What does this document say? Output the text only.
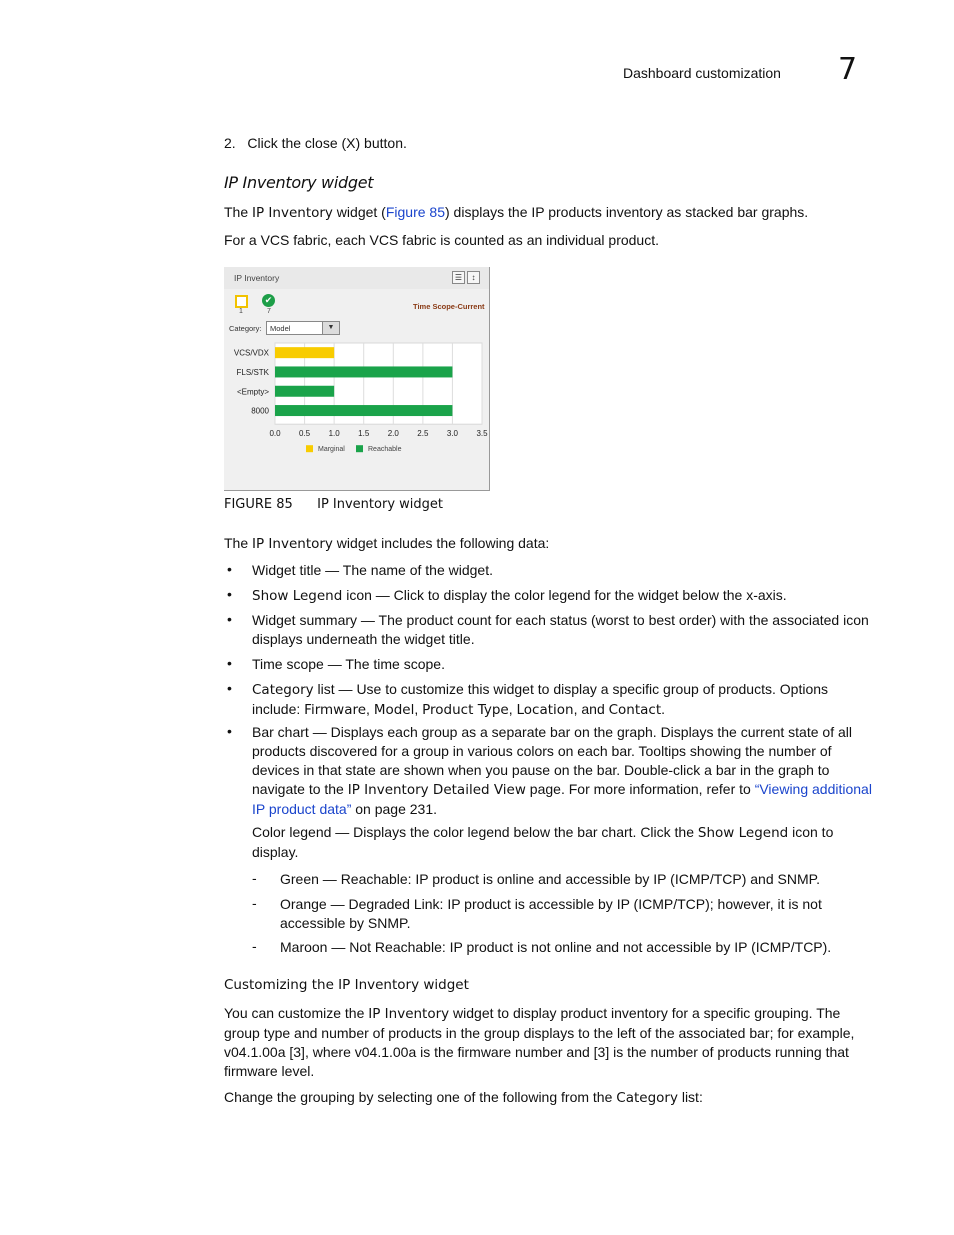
Dashboard customization 7
2. Click the close (X) button.
IP Inventory widget
The IP Inventory widget (Figure 85) displays the IP products inventory as stacked bar graphs.
For a VCS fabric, each VCS fabric is counted as an individual product.
IP Inventory	☰	↕
✔
1	7
Time Scope-Current
Category: Model	▼
0.0 0.5 1.0 1.5 2.0 2.5 3.0 3.5
VCS/VDX
FLS/STK
<Empty>
8000
Marginal	Reachable
FIGURE 85 IP Inventory widget
The IP Inventory widget includes the following data:
• Widget title — The name of the widget.
• Show Legend icon — Click to display the color legend for the widget below the x-axis.
• Widget summary — The product count for each status (worst to best order) with the associated icon displays underneath the widget title.
• Time scope — The time scope.
• Category list — Use to customize this widget to display a specific group of products. Options include: Firmware, Model, Product Type, Location, and Contact.
• Bar chart — Displays each group as a separate bar on the graph. Displays the current state of all products discovered for a group in various colors on each bar. Tooltips showing the number of devices in that state are shown when you pause on the bar. Double-click a bar in the graph to navigate to the IP Inventory Detailed View page. For more information, refer to “Viewing additional IP product data” on page 231.
Color legend — Displays the color legend below the bar chart. Click the Show Legend icon to display.
- Green — Reachable: IP product is online and accessible by IP (ICMP/TCP) and SNMP.
- Orange — Degraded Link: IP product is accessible by IP (ICMP/TCP); however, it is not accessible by SNMP.
- Maroon — Not Reachable: IP product is not online and not accessible by IP (ICMP/TCP).
Customizing the IP Inventory widget
You can customize the IP Inventory widget to display product inventory for a specific grouping. The group type and number of products in the group displays to the left of the associated bar; for example, v04.1.00a [3], where v04.1.00a is the firmware number and [3] is the number of products running that firmware level.
Change the grouping by selecting one of the following from the Category list:
